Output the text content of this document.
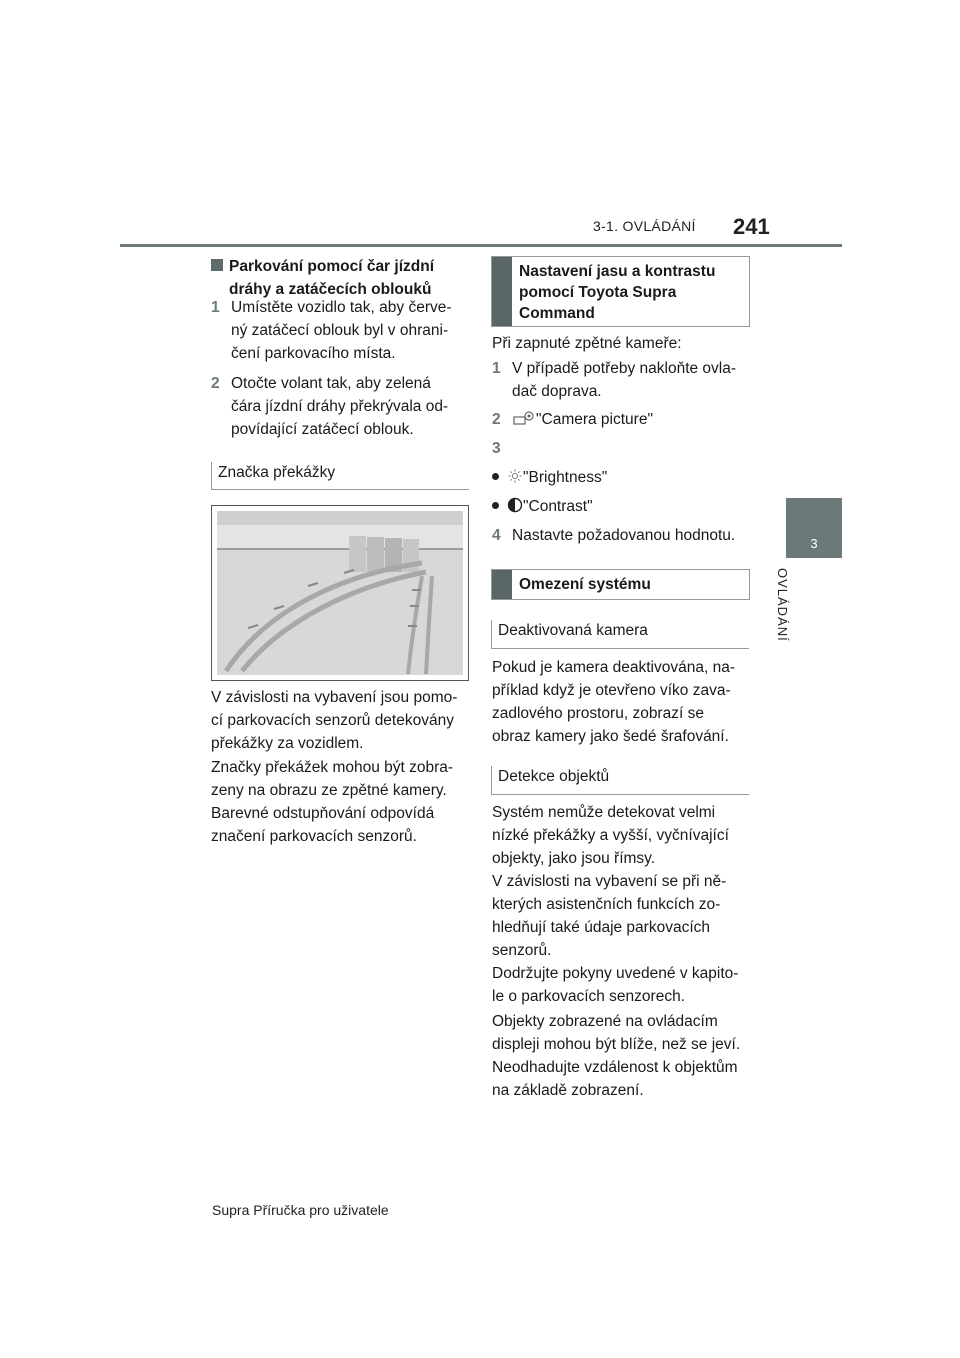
3-1. OVLÁDÁNÍ 241
3
OVLÁDÁNÍ
Parkování pomocí čar jízdní
dráhy a zatáčecích oblouků
1 Umístěte vozidlo tak, aby červe-
ný zatáčecí oblouk byl v ohrani-
čení parkovacího místa.
2 Otočte volant tak, aby zelená
čára jízdní dráhy překrývala od-
povídající zatáčecí oblouk.
Značka překážky
V závislosti na vybavení jsou pomo-
cí parkovacích senzorů detekovány
překážky za vozidlem.
Značky překážek mohou být zobra-
zeny na obrazu ze zpětné kamery.
Barevné odstupňování odpovídá
značení parkovacích senzorů.
Nastavení jasu a kontrastu
pomocí Toyota Supra
Command
Při zapnuté zpětné kameře:
1 V případě potřeby nakloňte ovla-
dač doprava.
2 "Camera picture"
3
"Brightness"
"Contrast"
4 Nastavte požadovanou hodnotu.
Omezení systému
Deaktivovaná kamera
Pokud je kamera deaktivována, na-
příklad když je otevřeno víko zava-
zadlového prostoru, zobrazí se
obraz kamery jako šedé šrafování.
Detekce objektů
Systém nemůže detekovat velmi
nízké překážky a vyšší, vyčnívající
objekty, jako jsou římsy.
V závislosti na vybavení se při ně-
kterých asistenčních funkcích zo-
hledňují také údaje parkovacích
senzorů.
Dodržujte pokyny uvedené v kapito-
le o parkovacích senzorech.
Objekty zobrazené na ovládacím
displeji mohou být blíže, než se jeví.
Neodhadujte vzdálenost k objektům
na základě zobrazení.
Supra Příručka pro uživatele
